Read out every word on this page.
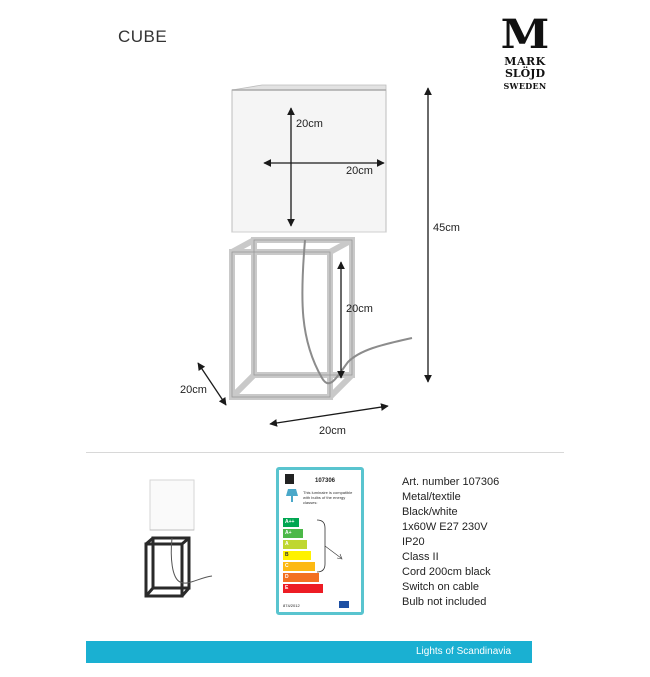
CUBE	M
MARK
SLÖJD
SWEDEN
20cm
20cm
45cm
20cm
20cm
20cm
107306
This luminaire is compatible with bulbs of the energy classes:
A++
A+
A
B
C
D
E
874/2012
Art. number 107306
Metal/textile
Black/white
1x60W E27 230V
IP20
Class II
Cord 200cm black
Switch on cable
Bulb not included
Lights of Scandinavia
